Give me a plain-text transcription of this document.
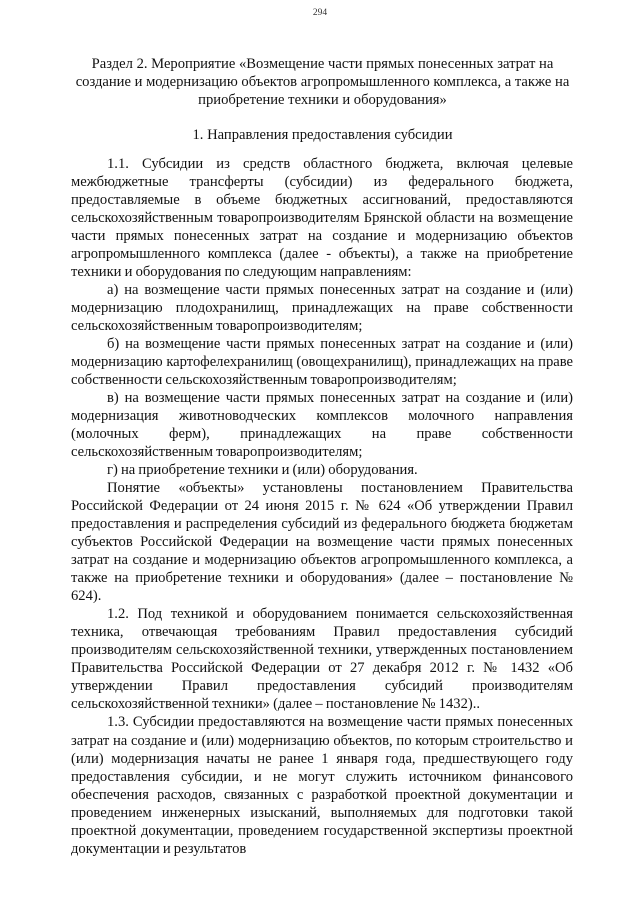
294
Раздел 2. Мероприятие «Возмещение части прямых понесенных затрат на создание и модернизацию объектов агропромышленного комплекса, а также на приобретение техники и оборудования»
1. Направления предоставления субсидии

1.1. Субсидии из средств областного бюджета, включая целевые межбюджетные трансферты (субсидии) из федерального бюджета, предоставляемые в объеме бюджетных ассигнований, предоставляются сельскохозяйственным товаропроизводителям Брянской области на возмещение части прямых понесенных затрат на создание и модернизацию объектов агропромышленного комплекса (далее - объекты), а также на приобретение техники и оборудования по следующим направлениям:

а) на возмещение части прямых понесенных затрат на создание и (или) модернизацию плодохранилищ, принадлежащих на праве собственности сельскохозяйственным товаропроизводителям;

б) на возмещение части прямых понесенных затрат на создание и (или) модернизацию картофелехранилищ (овощехранилищ), принадлежащих на праве собственности сельскохозяйственным товаропроизводителям;

в) на возмещение части прямых понесенных затрат на создание и (или) модернизация животноводческих комплексов молочного направления (молочных ферм), принадлежащих на праве собственности сельскохозяйственным товаропроизводителям;

г) на приобретение техники и (или) оборудования.

Понятие «объекты» установлены постановлением Правительства Российской Федерации от 24 июня 2015 г. № 624 «Об утверждении Правил предоставления и распределения субсидий из федерального бюджета бюджетам субъектов Российской Федерации на возмещение части прямых понесенных затрат на создание и модернизацию объектов агропромышленного комплекса, а также на приобретение техники и оборудования» (далее – постановление № 624).

1.2. Под техникой и оборудованием понимается сельскохозяйственная техника, отвечающая требованиям Правил предоставления субсидий производителям сельскохозяйственной техники, утвержденных постановлением Правительства Российской Федерации от 27 декабря 2012 г. № 1432 «Об утверждении Правил предоставления субсидий производителям сельскохозяйственной техники» (далее – постановление № 1432)..

1.3. Субсидии предоставляются на возмещение части прямых понесенных затрат на создание и (или) модернизацию объектов, по которым строительство и (или) модернизация начаты не ранее 1 января года, предшествующего году предоставления субсидии, и не могут служить источником финансового обеспечения расходов, связанных с разработкой проектной документации и проведением инженерных изысканий, выполняемых для подготовки такой проектной документации, проведением государственной экспертизы проектной документации и результатов
